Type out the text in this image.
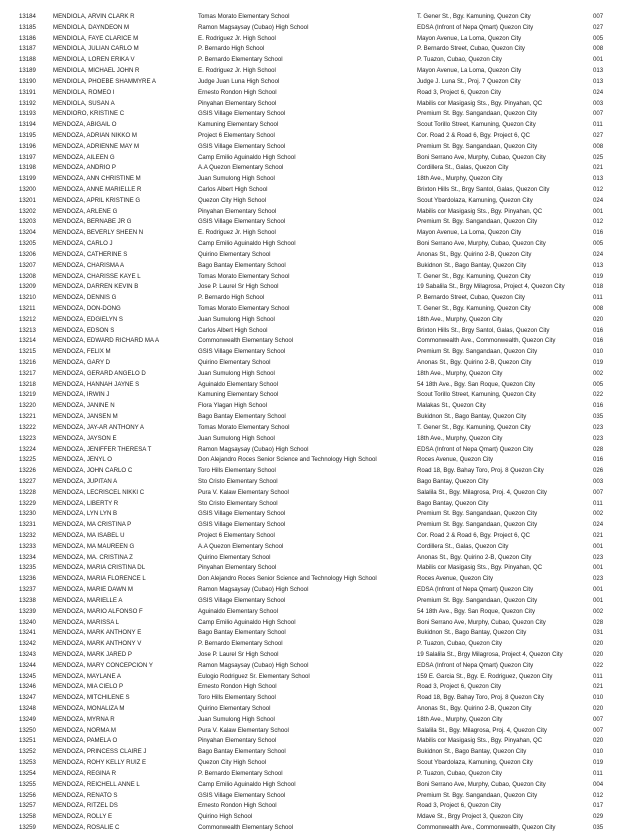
13184	MENDIOLA, ARVIN CLARK R	Tomas Morato Elementary School	T. Gener St., Bgy. Kamuning, Quezon City	007
13185	MENDIOLA, DAYNDEON M	Ramon Magsaysay (Cubao) High School	EDSA (Infront of Nepa Qmart) Quezon City	027
13186	MENDIOLA, FAYE CLARICE M	E. Rodriguez Jr. High School	Mayon Avenue, La Loma, Quezon City	005
13187	MENDIOLA, JULIAN CARLO M	P. Bernardo High School	P. Bernardo Street, Cubao, Quezon City	008
13188	MENDIOLA, LOREN ERIKA V	P. Bernardo Elementary School	P. Tuazon, Cubao, Quezon City	001
13189	MENDIOLA, MICHAEL JOHN R	E. Rodriguez Jr. High School	Mayon Avenue, La Loma, Quezon City	013
13190	MENDIOLA, PHOEBE SHAMMYRE A	Judge Juan Luna High School	Judge J. Luna St., Proj. 7 Quezon City	013
13191	MENDIOLA, ROMEO I	Ernesto Rondon High School	Road 3, Project 6, Quezon City	024
13192	MENDIOLA, SUSAN A	Pinyahan Elementary School	Mabilis cor Masigasig Sts., Bgy. Pinyahan, QC	003
13193	MENDIORO, KRISTINE C	GSIS Village Elementary School	Premium St. Bgy. Sangandaan, Quezon City	007
13194	MENDOZA, ABIGAIL O	Kamuning Elementary School	Scout Torillo Street, Kamuning, Quezon City	011
13195	MENDOZA, ADRIAN NIKKO M	Project 6 Elementary School	Cor. Road 2 & Road 6, Bgy. Project 6, QC	027
13196	MENDOZA, ADRIENNE MAY M	GSIS Village Elementary School	Premium St. Bgy. Sangandaan, Quezon City	008
13197	MENDOZA, AILEEN G	Camp Emilio Aguinaldo High School	Boni Serrano Ave, Murphy, Cubao, Quezon City	025
13198	MENDOZA, ANDRIO P	A.A Quezon Elementary School	Cordillera St., Galas, Quezon City	021
13199	MENDOZA, ANN CHRISTINE M	Juan Sumulong High School	18th Ave., Murphy, Quezon City	013
13200	MENDOZA, ANNE MARIELLE R	Carlos Albert High School	Brixton Hills St., Brgy Santol, Galas, Quezon City	012
13201	MENDOZA, APRIL KRISTINE G	Quezon City High School	Scout Ybardolaza, Kamuning, Quezon City	024
13202	MENDOZA, ARLENE G	Pinyahan Elementary School	Mabilis cor Masigasig Sts., Bgy. Pinyahan, QC	001
13203	MENDOZA, BERNABE JR G	GSIS Village Elementary School	Premium St. Bgy. Sangandaan, Quezon City	012
13204	MENDOZA, BEVERLY SHEEN N	E. Rodriguez Jr. High School	Mayon Avenue, La Loma, Quezon City	016
13205	MENDOZA, CARLO J	Camp Emilio Aguinaldo High School	Boni Serrano Ave, Murphy, Cubao, Quezon City	005
13206	MENDOZA, CATHERINE S	Quirino Elementary School	Anonas St., Bgy. Quirino 2-B, Quezon City	024
13207	MENDOZA, CHARISMA A	Bago Bantay Elementary School	Bukidnon St., Bago Bantay, Quezon City	013
13208	MENDOZA, CHARISSE KAYE L	Tomas Morato Elementary School	T. Gener St., Bgy. Kamuning, Quezon City	019
13209	MENDOZA, DARREN KEVIN B	Jose P. Laurel Sr High School	19 Sabalila St., Brgy Milagrosa, Project 4, Quezon City	018
13210	MENDOZA, DENNIS G	P. Bernardo High School	P. Bernardo Street, Cubao, Quezon City	011
13211	MENDOZA, DON-DONG	Tomas Morato Elementary School	T. Gener St., Bgy. Kamuning, Quezon City	008
13212	MENDOZA, EDGIELYN S	Juan Sumulong High School	18th Ave., Murphy, Quezon City	020
13213	MENDOZA, EDSON S	Carlos Albert High School	Brixton Hills St., Brgy Santol, Galas, Quezon City	016
13214	MENDOZA, EDWARD RICHARD MA A	Commonwealth Elementary School	Commonwealth Ave., Commonwealth, Quezon City	016
13215	MENDOZA, FELIX M	GSIS Village Elementary School	Premium St. Bgy. Sangandaan, Quezon City	010
13216	MENDOZA, GARY D	Quirino Elementary School	Anonas St., Bgy. Quirino 2-B, Quezon City	019
13217	MENDOZA, GERARD ANGELO D	Juan Sumulong High School	18th Ave., Murphy, Quezon City	002
13218	MENDOZA, HANNAH JAYNE S	Aguinaldo Elementary School	54 18th Ave., Bgy. San Roque, Quezon City	005
13219	MENDOZA, IRWIN J	Kamuning Elementary School	Scout Torillo Street, Kamuning, Quezon City	022
13220	MENDOZA, JANINE N	Flora Ylagan High School	Malakas St., Quezon City	016
13221	MENDOZA, JANSEN M	Bago Bantay Elementary School	Bukidnon St., Bago Bantay, Quezon City	035
13222	MENDOZA, JAY-AR ANTHONY A	Tomas Morato Elementary School	T. Gener St., Bgy. Kamuning, Quezon City	023
13223	MENDOZA, JAYSON E	Juan Sumulong High School	18th Ave., Murphy, Quezon City	023
13224	MENDOZA, JENIFFER THERESA T	Ramon Magsaysay (Cubao) High School	EDSA (Infront of Nepa Qmart) Quezon City	028
13225	MENDOZA, JENYL O	Don Alejandro Roces Senior Science and Technology High School	Roces Avenue, Quezon City	016
13226	MENDOZA, JOHN CARLO C	Toro Hills Elementary School	Road 18, Bgy. Bahay Toro, Proj. 8 Quezon City	026
13227	MENDOZA, JUPITAN A	Sto Cristo Elementary School	Bago Bantay, Quezon City	003
13228	MENDOZA, LECRISCEL NIKKI C	Pura V. Kalaw Elementary School	Salalila St., Bgy. Milagrosa, Proj. 4, Quezon City	007
13229	MENDOZA, LIBERTY R	Sto Cristo Elementary School	Bago Bantay, Quezon City	011
13230	MENDOZA, LYN LYN B	GSIS Village Elementary School	Premium St. Bgy. Sangandaan, Quezon City	002
13231	MENDOZA, MA CRISTINA P	GSIS Village Elementary School	Premium St. Bgy. Sangandaan, Quezon City	024
13232	MENDOZA, MA ISABEL U	Project 6 Elementary School	Cor. Road 2 & Road 6, Bgy. Project 6, QC	021
13233	MENDOZA, MA MAUREEN G	A.A Quezon Elementary School	Cordillera St., Galas, Quezon City	001
13234	MENDOZA, MA. CRISTINA Z	Quirino Elementary School	Anonas St., Bgy. Quirino 2-B, Quezon City	023
13235	MENDOZA, MARIA CRISTINA DL	Pinyahan Elementary School	Mabilis cor Masigasig Sts., Bgy. Pinyahan, QC	001
13236	MENDOZA, MARIA FLORENCE L	Don Alejandro Roces Senior Science and Technology High School	Roces Avenue, Quezon City	023
13237	MENDOZA, MARIE DAWN M	Ramon Magsaysay (Cubao) High School	EDSA (Infront of Nepa Qmart) Quezon City	001
13238	MENDOZA, MARIELLE A	GSIS Village Elementary School	Premium St. Bgy. Sangandaan, Quezon City	001
13239	MENDOZA, MARIO ALFONSO F	Aguinaldo Elementary School	54 18th Ave., Bgy. San Roque, Quezon City	002
13240	MENDOZA, MARISSA L	Camp Emilio Aguinaldo High School	Boni Serrano Ave, Murphy, Cubao, Quezon City	028
13241	MENDOZA, MARK ANTHONY E	Bago Bantay Elementary School	Bukidnon St., Bago Bantay, Quezon City	031
13242	MENDOZA, MARK ANTHONY V	P. Bernardo Elementary School	P. Tuazon, Cubao, Quezon City	020
13243	MENDOZA, MARK JARED P	Jose P. Laurel Sr High School	19 Salalila St., Brgy Milagrosa, Project 4, Quezon City	020
13244	MENDOZA, MARY CONCEPCION Y	Ramon Magsaysay (Cubao) High School	EDSA (Infront of Nepa Qmart) Quezon City	022
13245	MENDOZA, MAYLANE A	Eulogio Rodriguez Sr. Elementary School	159 E. Garcia St., Bgy. E. Rodriguez, Quezon City	011
13246	MENDOZA, MIA CIELO P	Ernesto Rondon High School	Road 3, Project 6, Quezon City	021
13247	MENDOZA, MITCHILENE S	Toro Hills Elementary School	Road 18, Bgy. Bahay Toro, Proj. 8 Quezon City	010
13248	MENDOZA, MONALIZA M	Quirino Elementary School	Anonas St., Bgy. Quirino 2-B, Quezon City	020
13249	MENDOZA, MYRNA R	Juan Sumulong High School	18th Ave., Murphy, Quezon City	007
13250	MENDOZA, NORMA M	Pura V. Kalaw Elementary School	Salalila St., Bgy. Milagrosa, Proj. 4, Quezon City	007
13251	MENDOZA, PAMELA O	Pinyahan Elementary School	Mabilis cor Masigasig Sts., Bgy. Pinyahan, QC	020
13252	MENDOZA, PRINCESS CLAIRE J	Bago Bantay Elementary School	Bukidnon St., Bago Bantay, Quezon City	010
13253	MENDOZA, ROHY KELLY RUIZ E	Quezon City High School	Scout Ybardolaza, Kamuning, Quezon City	019
13254	MENDOZA, REGINA R	P. Bernardo Elementary School	P. Tuazon, Cubao, Quezon City	011
13255	MENDOZA, REICHELL ANNE L	Camp Emilio Aguinaldo High School	Boni Serrano Ave, Murphy, Cubao, Quezon City	004
13256	MENDOZA, RENATO S	GSIS Village Elementary School	Premium St. Bgy. Sangandaan, Quezon City	012
13257	MENDOZA, RITZEL DS	Ernesto Rondon High School	Road 3, Project 6, Quezon City	017
13258	MENDOZA, ROLLY E	Quirino High School	Mdave St., Brgy Project 3, Quezon City	029
13259	MENDOZA, ROSALIE C	Commonwealth Elementary School	Commonwealth Ave., Commonwealth, Quezon City	035
